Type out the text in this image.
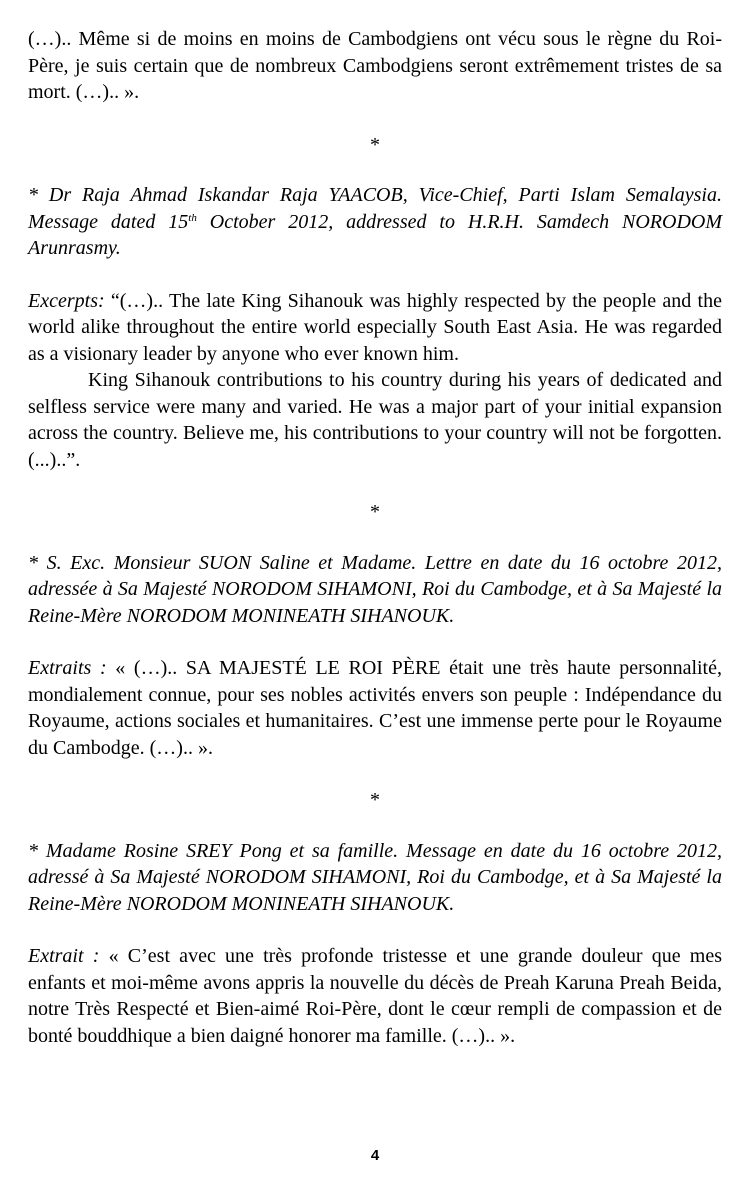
(…).. Même si de moins en moins de Cambodgiens ont vécu sous le règne du Roi-Père, je suis certain que de nombreux Cambodgiens seront extrêmement tristes de sa mort. (…).. ».

*

* Dr Raja Ahmad Iskandar Raja YAACOB, Vice-Chief, Parti Islam Semalaysia. Message dated 15th October 2012, addressed to H.R.H. Samdech NORODOM Arunrasmy.

Excerpts: “(…).. The late King Sihanouk was highly respected by the people and the world alike throughout the entire world especially South East Asia. He was regarded as a visionary leader by anyone who ever known him.

King Sihanouk contributions to his country during his years of dedicated and selfless service were many and varied. He was a major part of your initial expansion across the country. Believe me, his contributions to your country will not be forgotten. (...)..”.

*

* S. Exc. Monsieur SUON Saline et Madame. Lettre en date du 16 octobre 2012, adressée à Sa Majesté NORODOM SIHAMONI, Roi du Cambodge, et à Sa Majesté la Reine-Mère NORODOM MONINEATH SIHANOUK.

Extraits : « (…).. SA MAJESTÉ LE ROI PÈRE était une très haute personnalité, mondialement connue, pour ses nobles activités envers son peuple : Indépendance du Royaume, actions sociales et humanitaires. C’est une immense perte pour le Royaume du Cambodge. (…).. ».

*

* Madame Rosine SREY Pong et sa famille. Message en date du 16 octobre 2012, adressé à Sa Majesté NORODOM SIHAMONI, Roi du Cambodge, et à Sa Majesté la Reine-Mère NORODOM MONINEATH SIHANOUK.

Extrait : « C’est avec une très profonde tristesse et une grande douleur que mes enfants et moi-même avons appris la nouvelle du décès de Preah Karuna Preah Beida, notre Très Respecté et Bien-aimé Roi-Père, dont le cœur rempli de compassion et de bonté bouddhique a bien daigné honorer ma famille. (…).. ».

4
